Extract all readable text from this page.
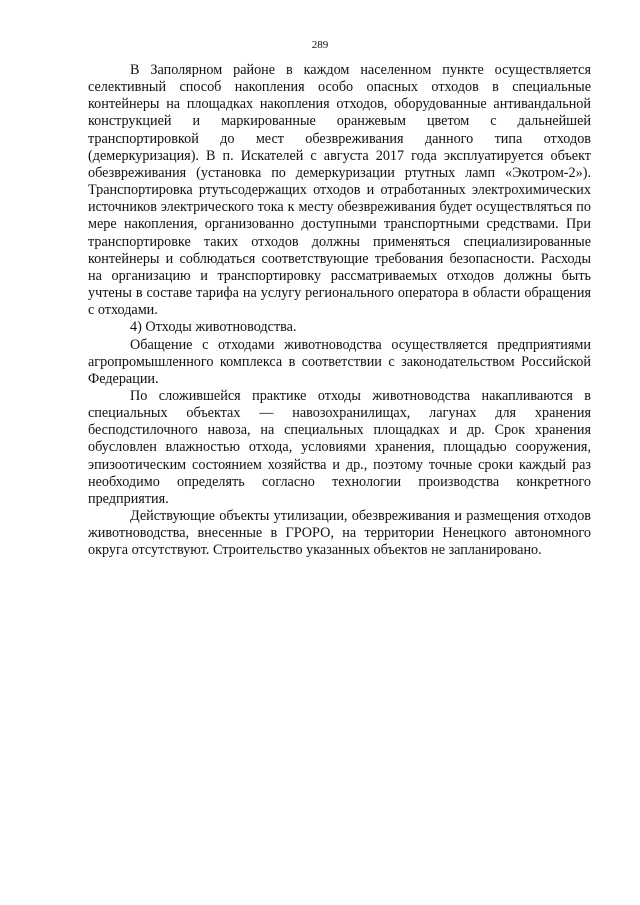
289

В Заполярном районе в каждом населенном пункте осуществляется селективный способ накопления особо опасных отходов в специальные контейнеры на площадках накопления отходов, оборудованные антивандальной конструкцией и маркированные оранжевым цветом с дальнейшей транспортировкой до мест обезвреживания данного типа отходов (демеркуризация). В п. Искателей с августа 2017 года эксплуатируется объект обезвреживания (установка по демеркуризации ртутных ламп «Экотром-2»). Транспортировка ртутьсодержащих отходов и отработанных электрохимических источников электрического тока к месту обезвреживания будет осуществляться по мере накопления, организованно доступными транспортными средствами. При транспортировке таких отходов должны применяться специализированные контейнеры и соблюдаться соответствующие требования безопасности. Расходы на организацию и транспортировку рассматриваемых отходов должны быть учтены в составе тарифа на услугу регионального оператора в области обращения с отходами.

4) Отходы животноводства.

Обащение с отходами животноводства осуществляется предприятиями агропромышленного комплекса в соответствии с законодательством Российской Федерации.

По сложившейся практике отходы животноводства накапливаются в специальных объектах — навозохранилищах, лагунах для хранения бесподстилочного навоза, на специальных площадках и др. Срок хранения обусловлен влажностью отхода, условиями хранения, площадью сооружения, эпизоотическим состоянием хозяйства и др., поэтому точные сроки каждый раз необходимо определять согласно технологии производства конкретного предприятия.

Действующие объекты утилизации, обезвреживания и размещения отходов животноводства, внесенные в ГРОРО, на территории Ненецкого автономного округа отсутствуют. Строительство указанных объектов не запланировано.
